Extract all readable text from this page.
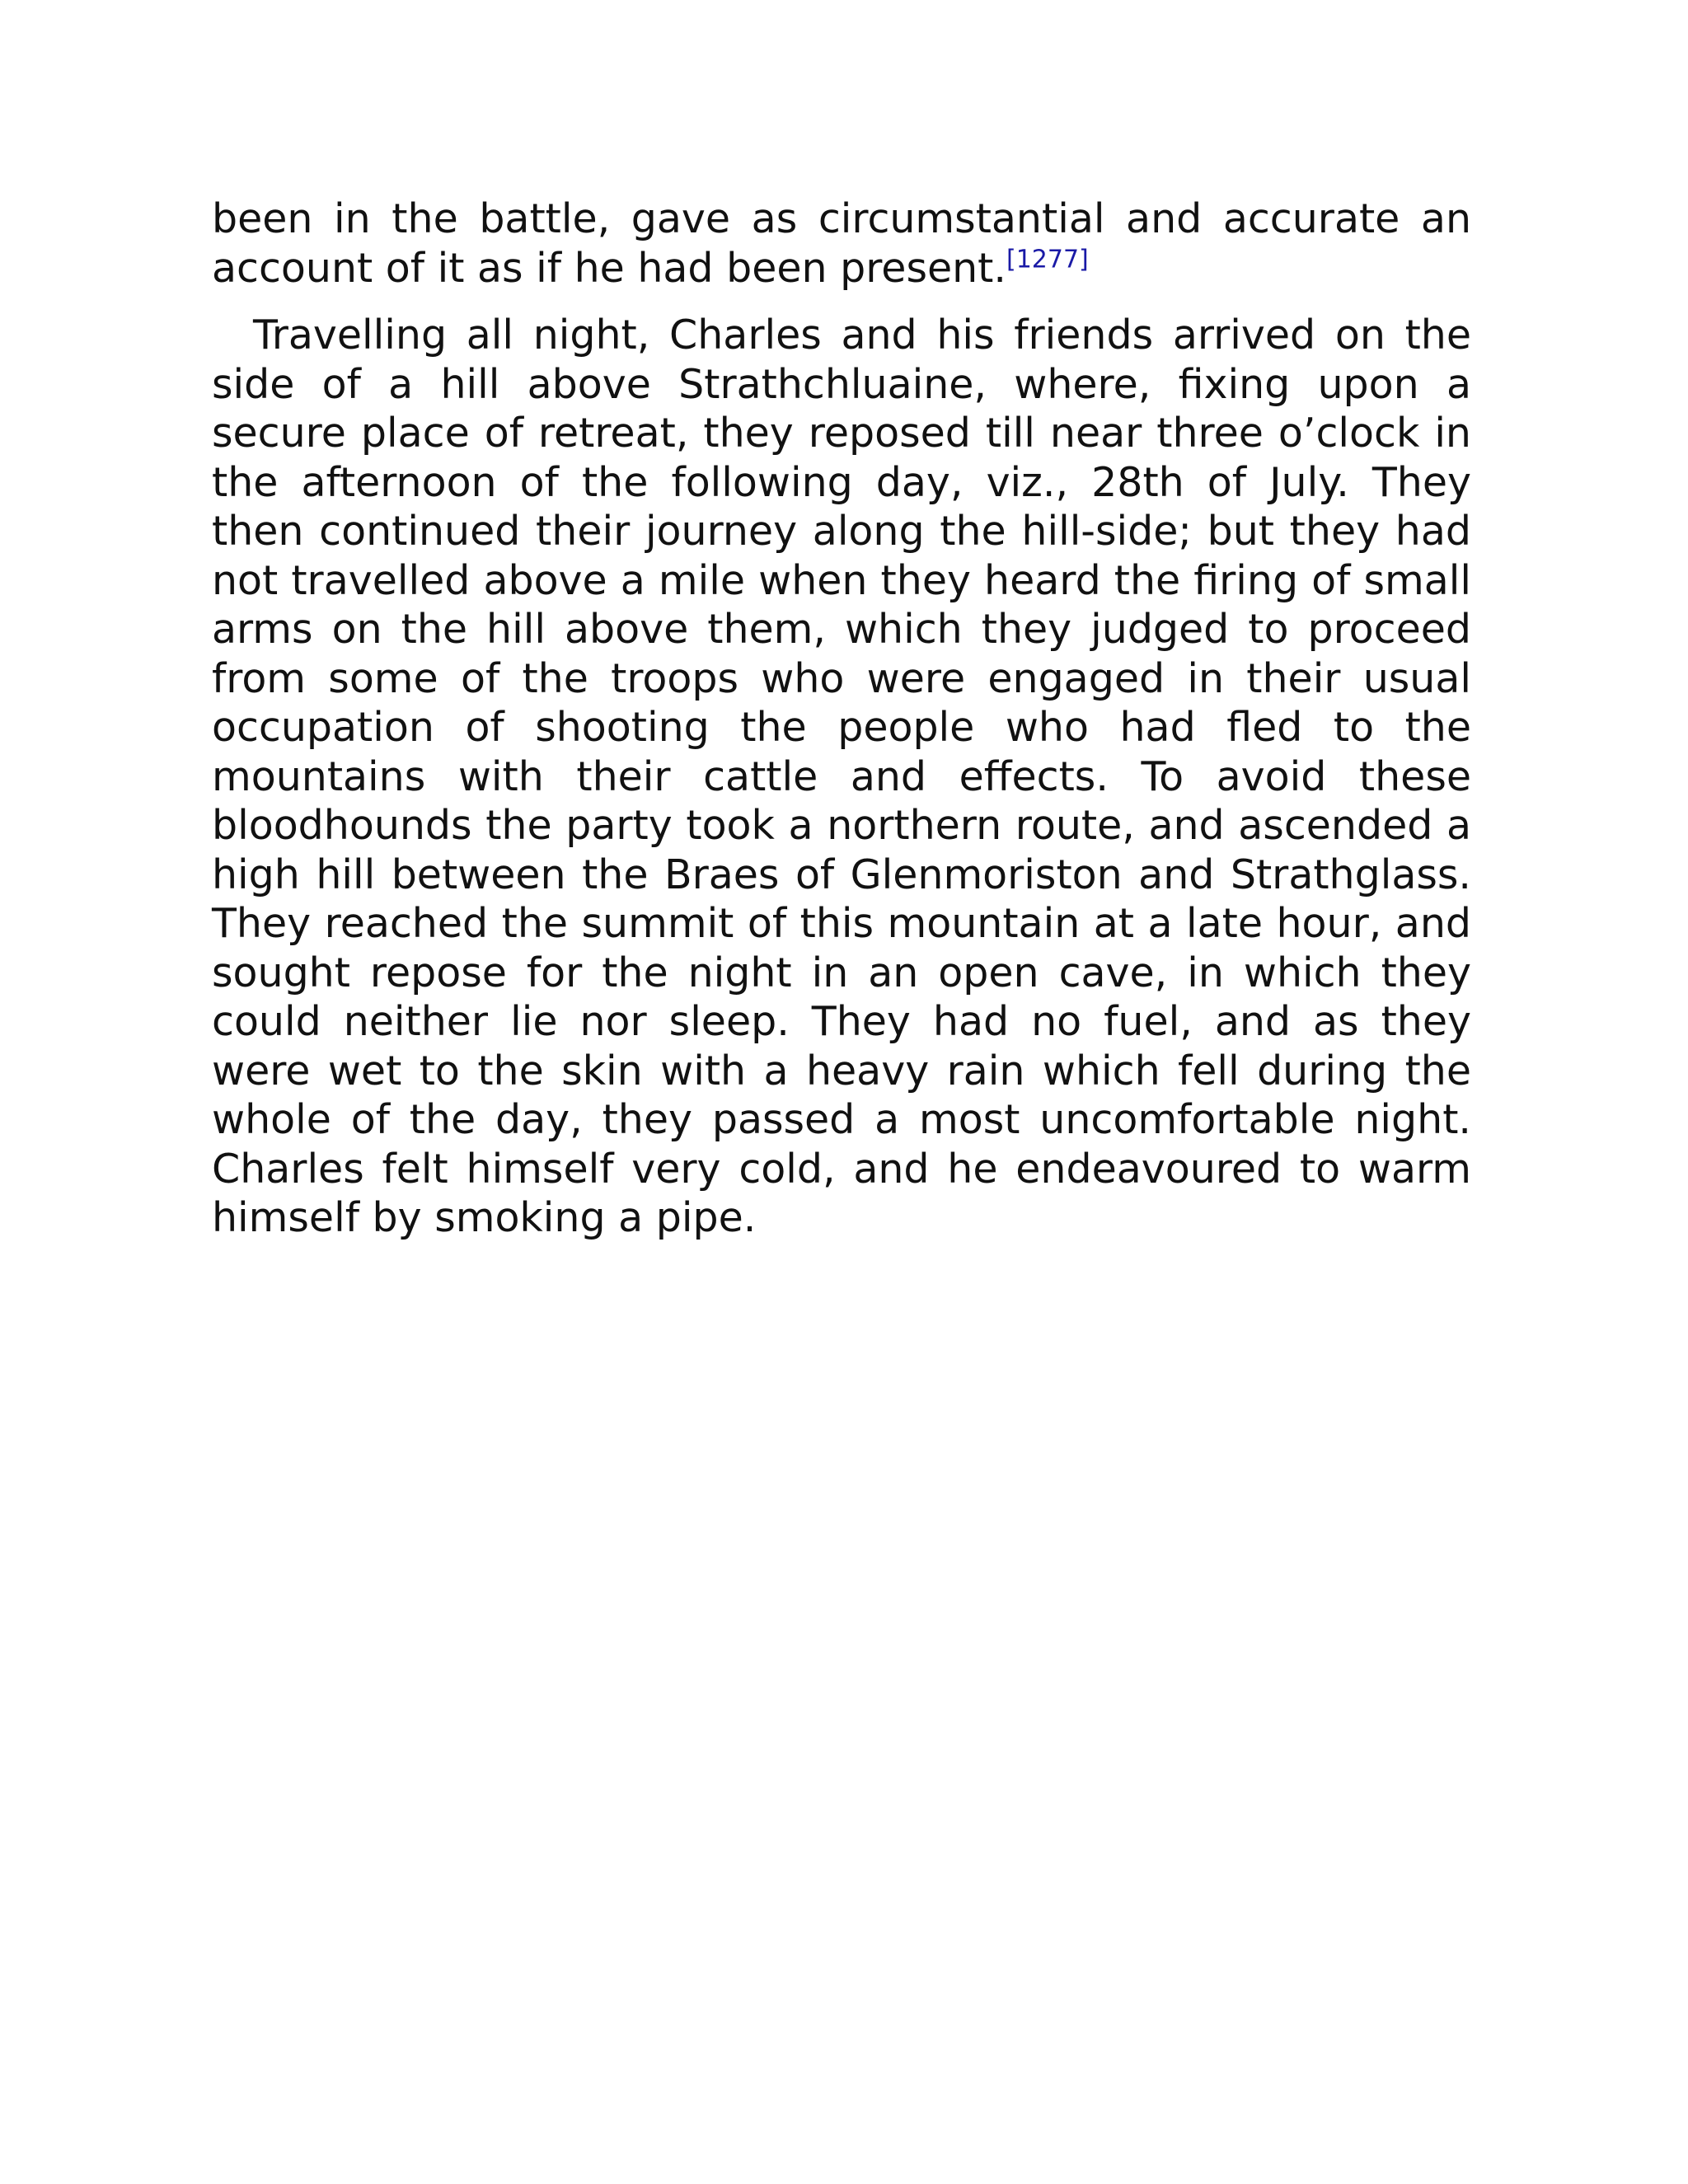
been in the battle, gave as circumstantial and accurate an account of it as if he had been present.[1277]

Travelling all night, Charles and his friends arrived on the side of a hill above Strathchluaine, where, fixing upon a secure place of retreat, they reposed till near three o’clock in the afternoon of the following day, viz., 28th of July. They then continued their journey along the hill-side; but they had not travelled above a mile when they heard the firing of small arms on the hill above them, which they judged to proceed from some of the troops who were engaged in their usual occupation of shooting the people who had fled to the mountains with their cattle and effects. To avoid these bloodhounds the party took a northern route, and ascended a high hill between the Braes of Glenmoriston and Strathglass. They reached the summit of this mountain at a late hour, and sought repose for the night in an open cave, in which they could neither lie nor sleep. They had no fuel, and as they were wet to the skin with a heavy rain which fell during the whole of the day, they passed a most uncomfortable night. Charles felt himself very cold, and he endeavoured to warm himself by smoking a pipe.
